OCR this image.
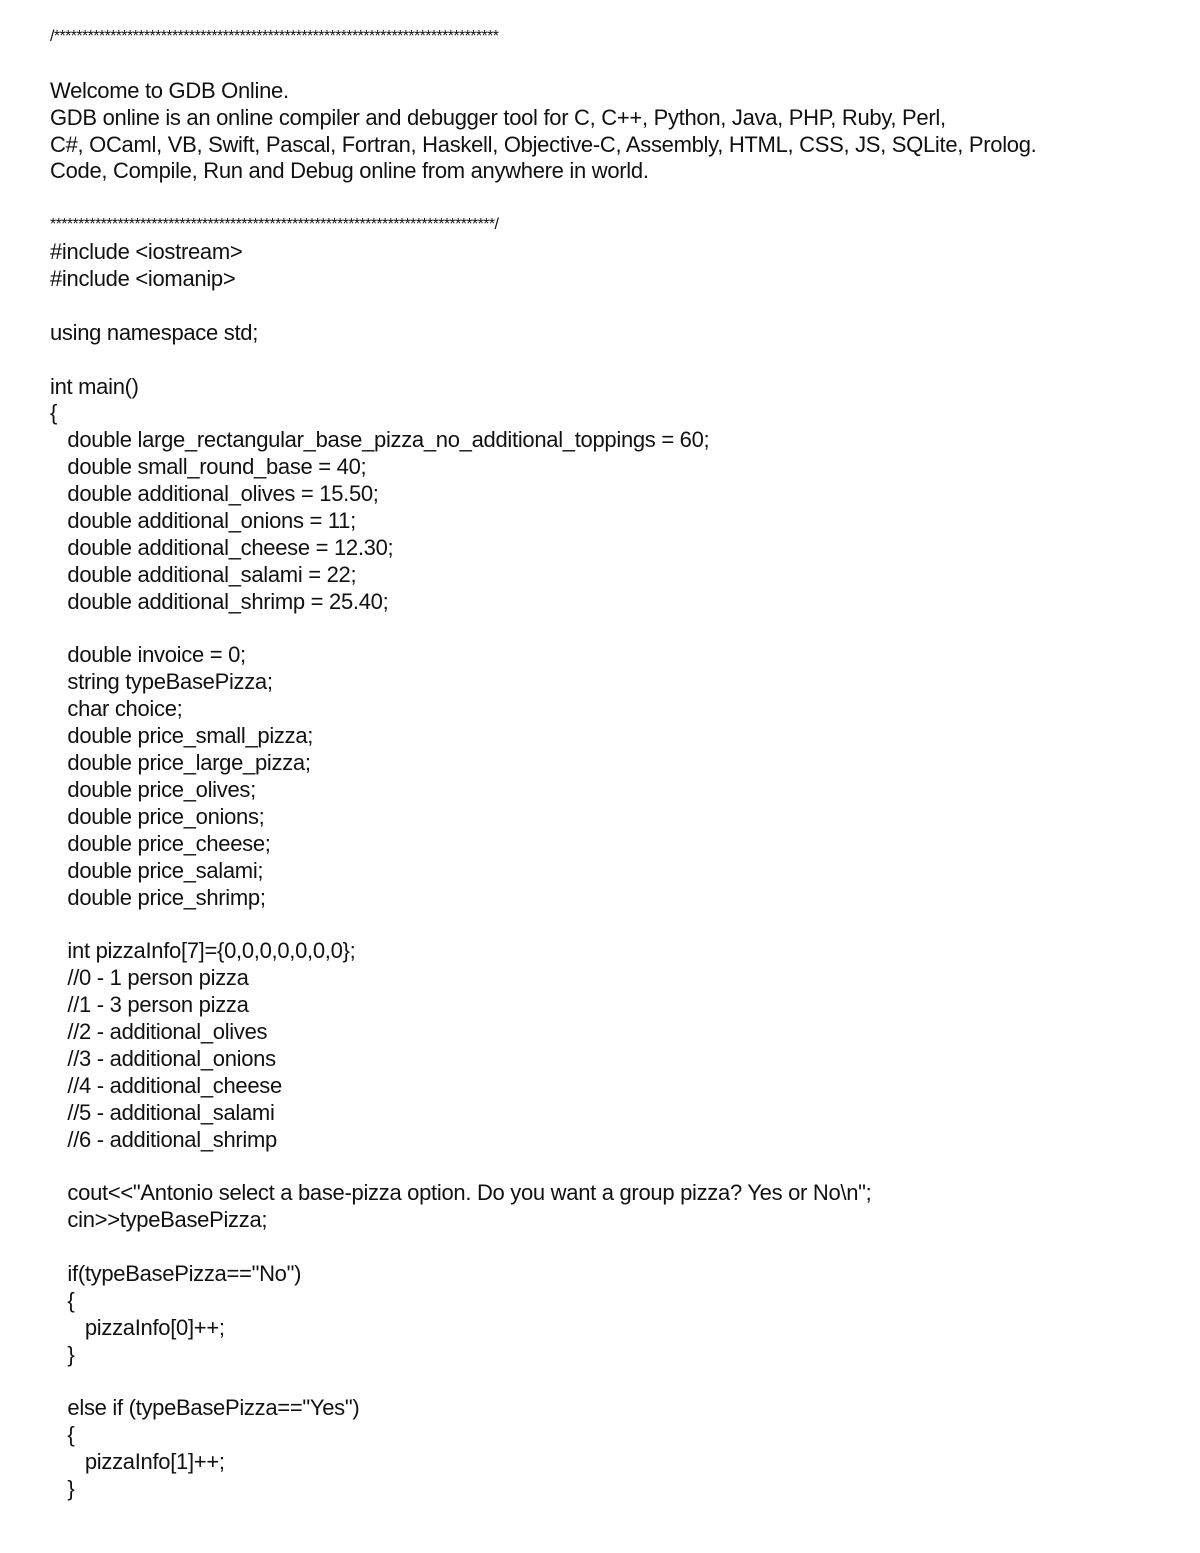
/*******************************************************************************
Welcome to GDB Online.
GDB online is an online compiler and debugger tool for C, C++, Python, Java, PHP, Ruby, Perl,
C#, OCaml, VB, Swift, Pascal, Fortran, Haskell, Objective-C, Assembly, HTML, CSS, JS, SQLite, Prolog.
Code, Compile, Run and Debug online from anywhere in world.
*******************************************************************************/
#include <iostream>
#include <iomanip>
using namespace std;
int main()
{
double large_rectangular_base_pizza_no_additional_toppings = 60;
double small_round_base = 40;
double additional_olives = 15.50;
double additional_onions = 11;
double additional_cheese = 12.30;
double additional_salami = 22;
double additional_shrimp = 25.40;
double invoice = 0;
string typeBasePizza;
char choice;
double price_small_pizza;
double price_large_pizza;
double price_olives;
double price_onions;
double price_cheese;
double price_salami;
double price_shrimp;
int pizzaInfo[7]={0,0,0,0,0,0,0};
//0 - 1 person pizza
//1 - 3 person pizza
//2 - additional_olives
//3 - additional_onions
//4 - additional_cheese
//5 - additional_salami
//6 - additional_shrimp
cout<<"Antonio select a base-pizza option. Do you want a group pizza? Yes or No\n";
cin>>typeBasePizza;
if(typeBasePizza=="No")
{
pizzaInfo[0]++;
}
else if (typeBasePizza=="Yes")
{
pizzaInfo[1]++;
}
